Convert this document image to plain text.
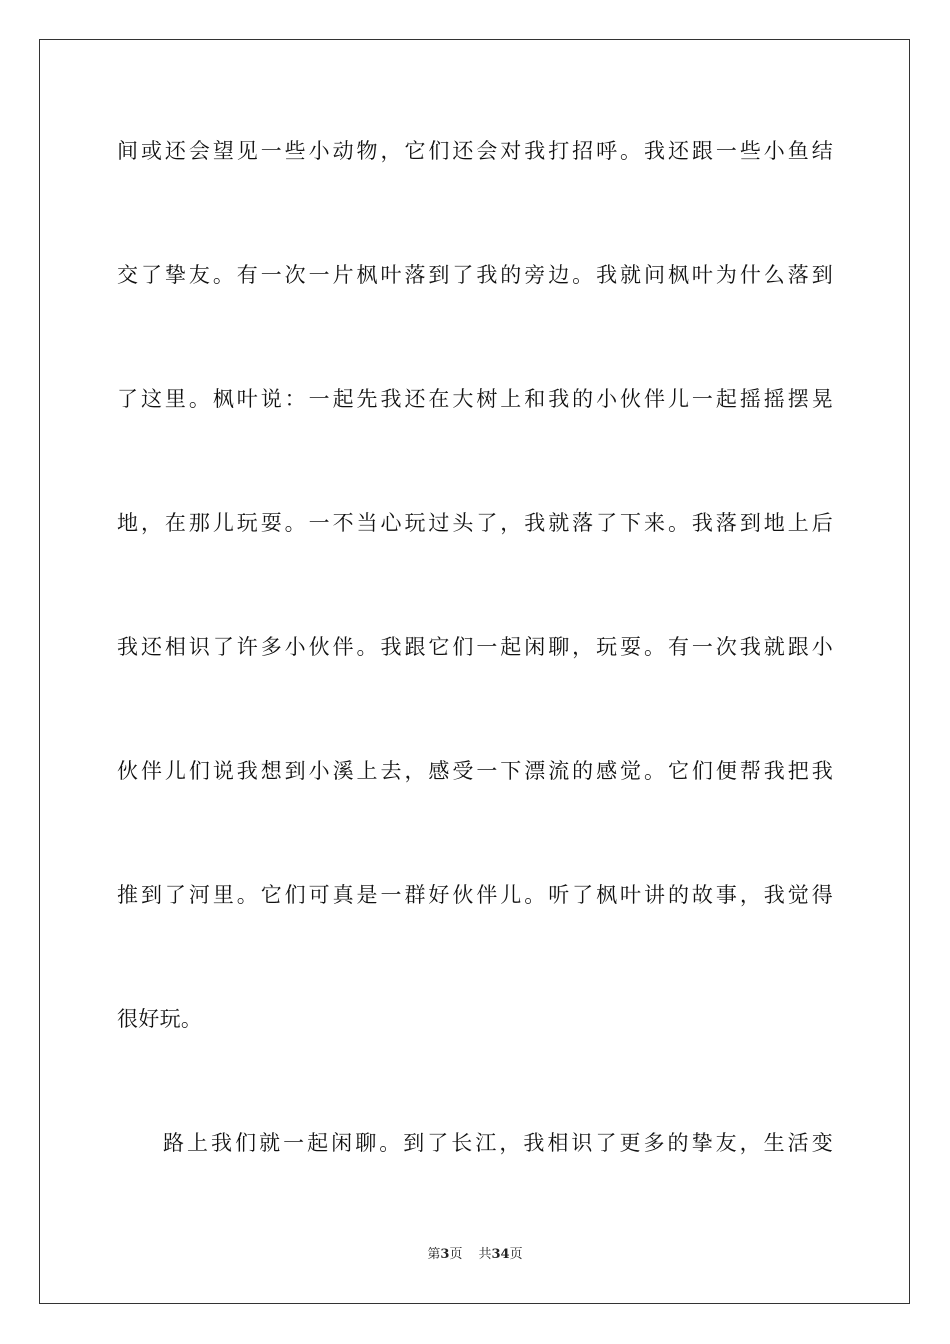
间或还会望见一些小动物，它们还会对我打招呼。我还跟一些小鱼结
交了挚友。有一次一片枫叶落到了我的旁边。我就问枫叶为什么落到
了这里。枫叶说：一起先我还在大树上和我的小伙伴儿一起摇摇摆晃
地，在那儿玩耍。一不当心玩过头了，我就落了下来。我落到地上后
我还相识了许多小伙伴。我跟它们一起闲聊，玩耍。有一次我就跟小
伙伴儿们说我想到小溪上去，感受一下漂流的感觉。它们便帮我把我
推到了河里。它们可真是一群好伙伴儿。听了枫叶讲的故事，我觉得
很好玩。
路上我们就一起闲聊。到了长江，我相识了更多的挚友，生活变
第3页 共34页
